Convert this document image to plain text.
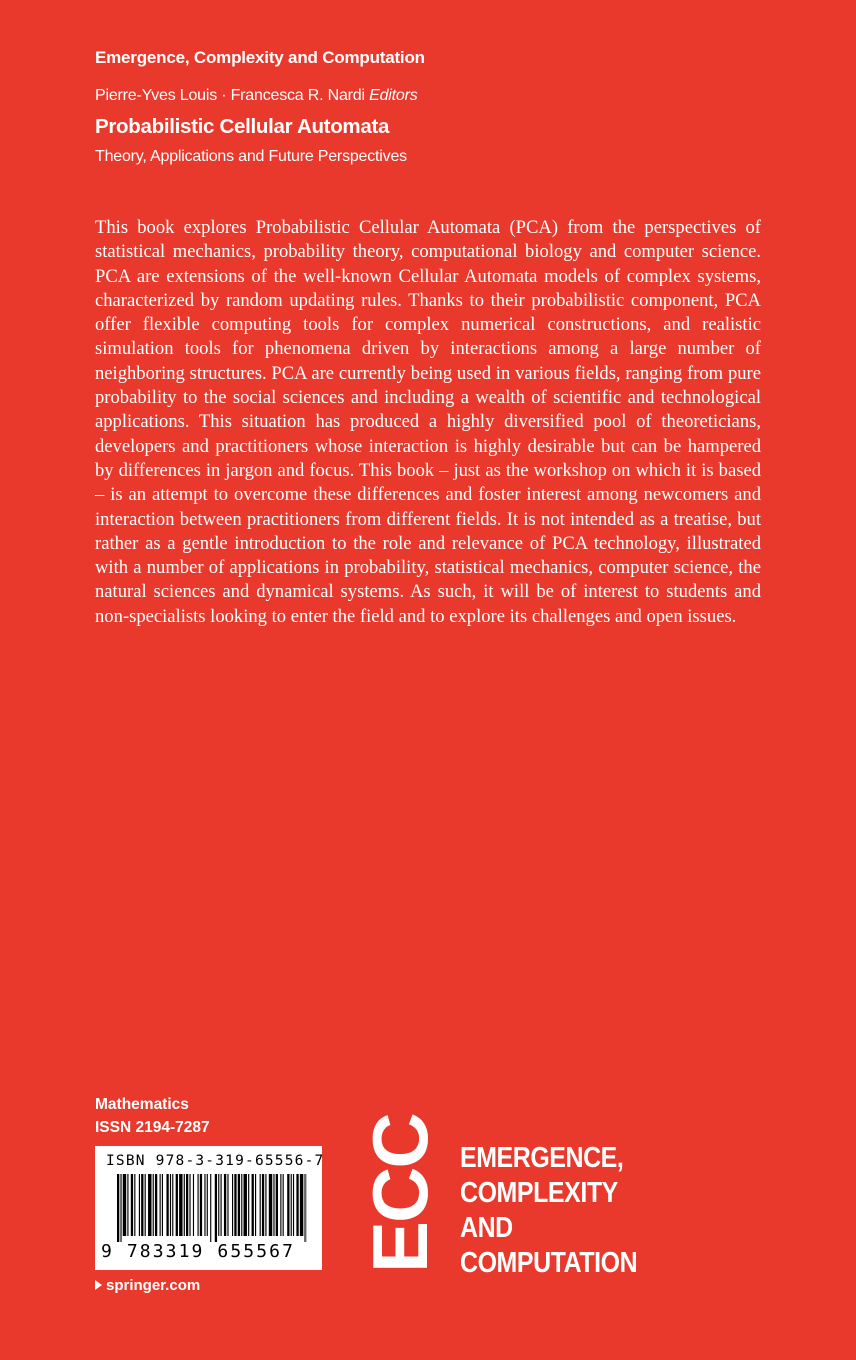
Emergence, Complexity and Computation
Pierre-Yves Louis · Francesca R. Nardi Editors
Probabilistic Cellular Automata
Theory, Applications and Future Perspectives

This book explores Probabilistic Cellular Automata (PCA) from the perspectives of statistical mechanics, probability theory, computational biology and computer science. PCA are extensions of the well-known Cellular Automata models of complex systems, characterized by random updating rules. Thanks to their probabilistic component, PCA offer flexible computing tools for complex numerical constructions, and realistic simulation tools for phenomena driven by interactions among a large number of neighboring structures. PCA are currently being used in various fields, ranging from pure probability to the social sciences and including a wealth of scientific and technological applications. This situation has produced a highly diversified pool of theoreticians, developers and practitioners whose interaction is highly desirable but can be hampered by differences in jargon and focus. This book – just as the workshop on which it is based – is an attempt to overcome these differences and foster interest among newcomers and interaction between practitioners from different fields. It is not intended as a treatise, but rather as a gentle introduction to the role and relevance of PCA technology, illustrated with a number of applications in probability, statistical mechanics, computer science, the natural sciences and dynamical systems. As such, it will be of interest to students and non-specialists looking to enter the field and to explore its challenges and open issues.

Mathematics
ISSN 2194-7287
ISBN 978-3-319-65556-7
9 783319 655567
springer.com
ECC EMERGENCE,
COMPLEXITY
AND
COMPUTATION
